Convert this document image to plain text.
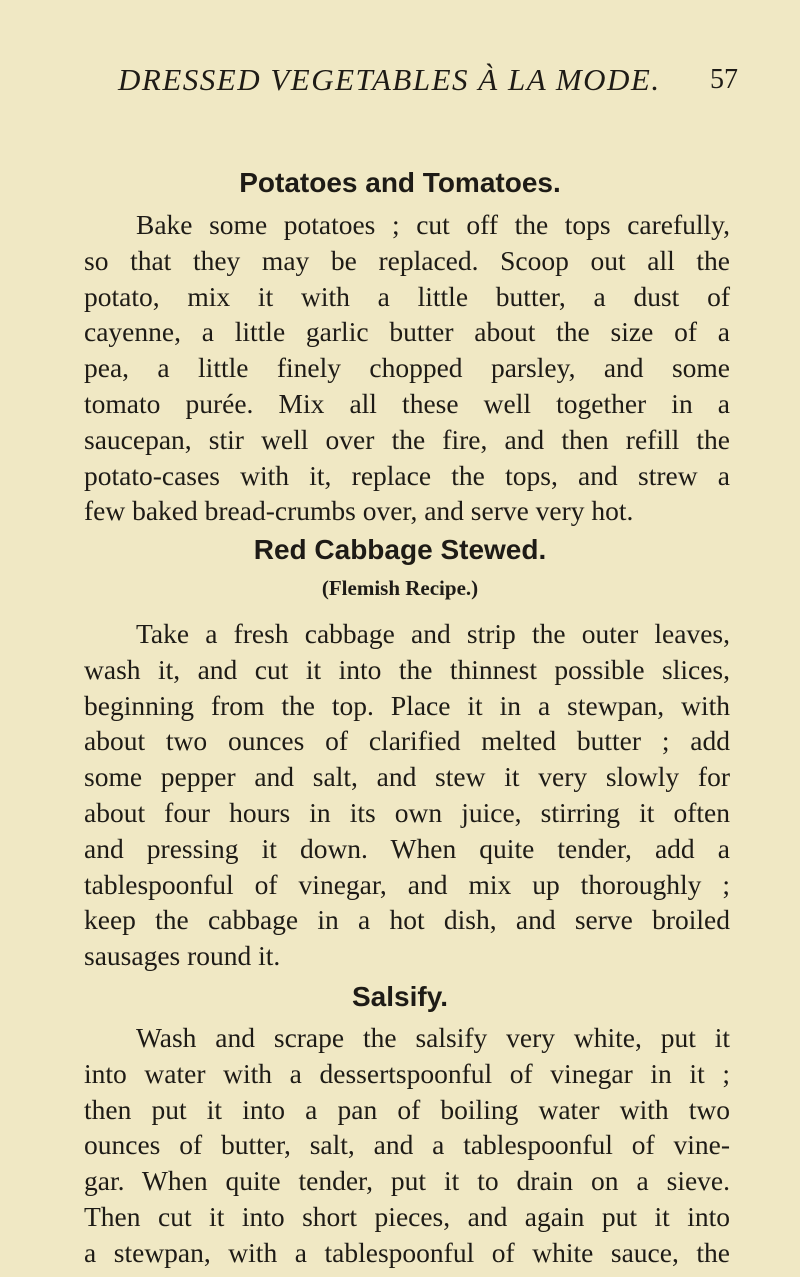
DRESSED VEGETABLES À LA MODE. 57
Potatoes and Tomatoes.
Bake some potatoes ; cut off the tops carefully,
so that they may be replaced. Scoop out all the
potato, mix it with a little butter, a dust of
cayenne, a little garlic butter about the size of a
pea, a little finely chopped parsley, and some
tomato purée. Mix all these well together in a
saucepan, stir well over the fire, and then refill the
potato-cases with it, replace the tops, and strew a
few baked bread-crumbs over, and serve very hot.
Red Cabbage Stewed.
(Flemish Recipe.)
Take a fresh cabbage and strip the outer leaves,
wash it, and cut it into the thinnest possible slices,
beginning from the top. Place it in a stewpan, with
about two ounces of clarified melted butter ; add
some pepper and salt, and stew it very slowly for
about four hours in its own juice, stirring it often
and pressing it down. When quite tender, add a
tablespoonful of vinegar, and mix up thoroughly ;
keep the cabbage in a hot dish, and serve broiled
sausages round it.
Salsify.
Wash and scrape the salsify very white, put it
into water with a dessertspoonful of vinegar in it ;
then put it into a pan of boiling water with two
ounces of butter, salt, and a tablespoonful of vine-
gar. When quite tender, put it to drain on a sieve.
Then cut it into short pieces, and again put it into
a stewpan, with a tablespoonful of white sauce, the
